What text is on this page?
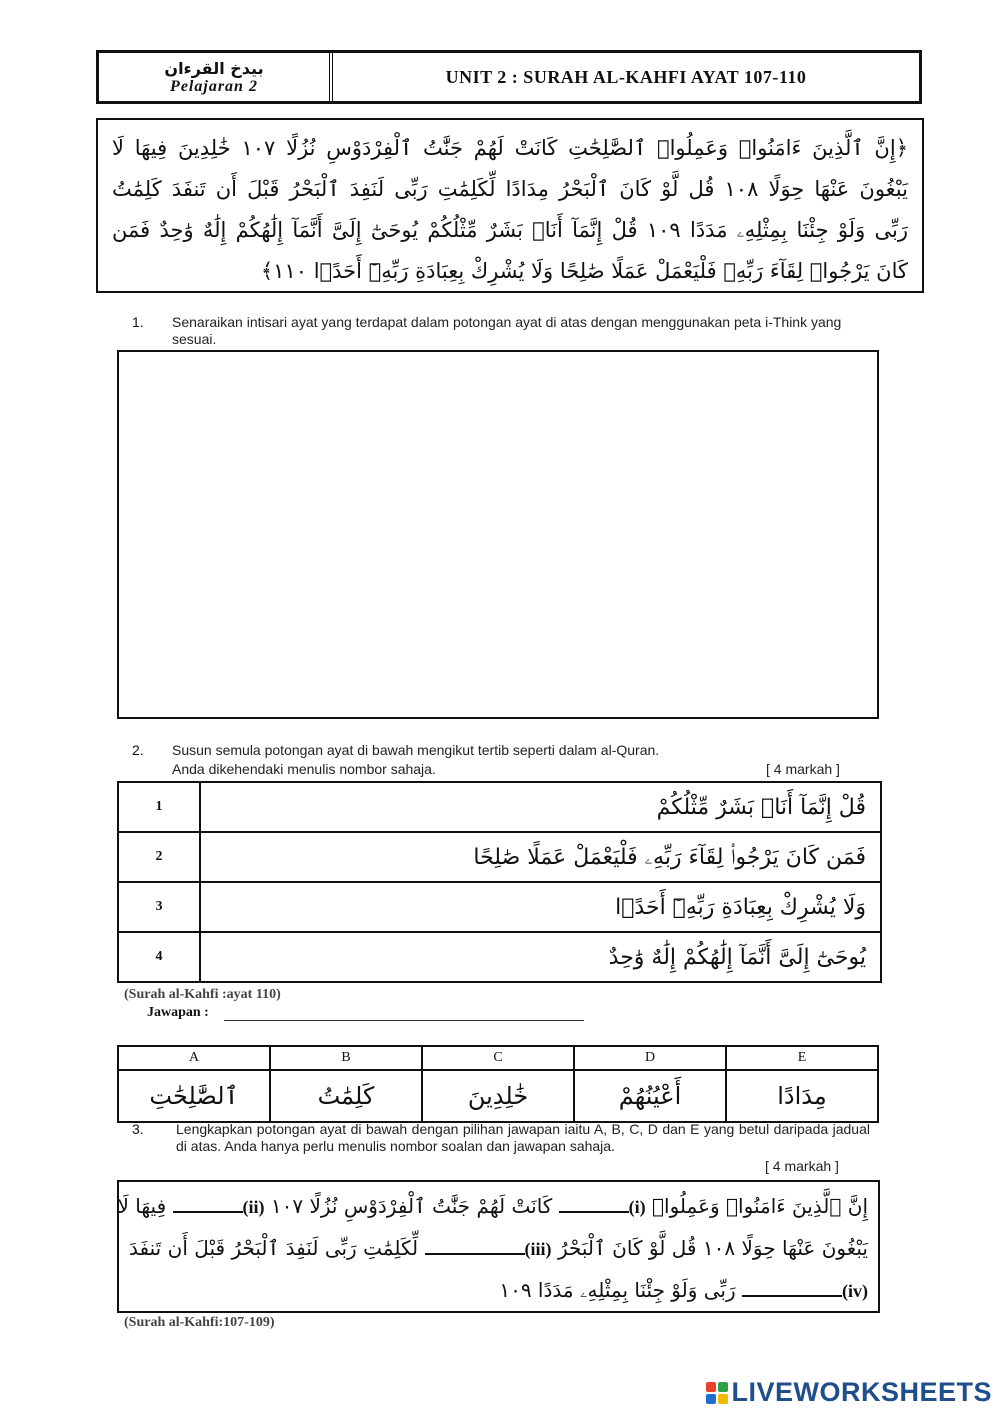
بيدخ القرءان
Pelajaran 2	UNIT 2 : SURAH AL-KAHFI AYAT 107-110
﴿إِنَّ ٱلَّذِينَ ءَامَنُوا۟ وَعَمِلُوا۟ ٱلصَّٰلِحَٰتِ كَانَتْ لَهُمْ جَنَّٰتُ ٱلْفِرْدَوْسِ نُزُلًا ١٠٧ خَٰلِدِينَ فِيهَا لَا
يَبْغُونَ عَنْهَا حِوَلًا ١٠٨ قُل لَّوْ كَانَ ٱلْبَحْرُ مِدَادًا لِّكَلِمَٰتِ رَبِّى لَنَفِدَ ٱلْبَحْرُ قَبْلَ أَن تَنفَدَ كَلِمَٰتُ
رَبِّى وَلَوْ جِئْنَا بِمِثْلِهِۦ مَدَدًا ١٠٩ قُلْ إِنَّمَآ أَنَا۠ بَشَرٌ مِّثْلُكُمْ يُوحَىٰٓ إِلَىَّ أَنَّمَآ إِلَٰهُكُمْ إِلَٰهٌ وَٰحِدٌ فَمَن
كَانَ يَرْجُوا۟ لِقَآءَ رَبِّهِۦ فَلْيَعْمَلْ عَمَلًا صَٰلِحًا وَلَا يُشْرِكْ بِعِبَادَةِ رَبِّهِۦٓ أَحَدًۢا ١١٠﴾
1. Senaraikan intisari ayat yang terdapat dalam potongan ayat di atas dengan menggunakan peta i-Think yang sesuai.
2. Susun semula potongan ayat di bawah mengikut tertib seperti dalam al-Quran.
Anda dikehendaki menulis nombor sahaja.	[ 4 markah ]
1	قُلْ إِنَّمَآ أَنَا۠ بَشَرٌ مِّثْلُكُمْ
2	فَمَن كَانَ يَرْجُوا۟ لِقَآءَ رَبِّهِۦ فَلْيَعْمَلْ عَمَلًا صَٰلِحًا
3	وَلَا يُشْرِكْ بِعِبَادَةِ رَبِّهِۦٓ أَحَدًۢا
4	يُوحَىٰٓ إِلَىَّ أَنَّمَآ إِلَٰهُكُمْ إِلَٰهٌ وَٰحِدٌ
(Surah al-Kahfi :ayat 110)
Jawapan :
A	B	C	D	E
ٱلصَّٰلِحَٰتِ	كَلِمَٰتُ	خَٰلِدِينَ	أَعْيُنُهُمْ	مِدَادًا
3. Lengkapkan potongan ayat di bawah dengan pilihan jawapan iaitu A, B, C, D dan E yang betul daripada jadual di atas. Anda hanya perlu menulis nombor soalan dan jawapan sahaja.
[ 4 markah ]
إِنَّ ٱلَّذِينَ ءَامَنُوا۟ وَعَمِلُوا۟ (i) كَانَتْ لَهُمْ جَنَّٰتُ ٱلْفِرْدَوْسِ نُزُلًا ١٠٧ (ii) فِيهَا لَا
يَبْغُونَ عَنْهَا حِوَلًا ١٠٨ قُل لَّوْ كَانَ ٱلْبَحْرُ (iii) لِّكَلِمَٰتِ رَبِّى لَنَفِدَ ٱلْبَحْرُ قَبْلَ أَن تَنفَدَ
(iv) رَبِّى وَلَوْ جِئْنَا بِمِثْلِهِۦ مَدَدًا ١٠٩
(Surah al-Kahfi:107-109)
LIVEWORKSHEETS
